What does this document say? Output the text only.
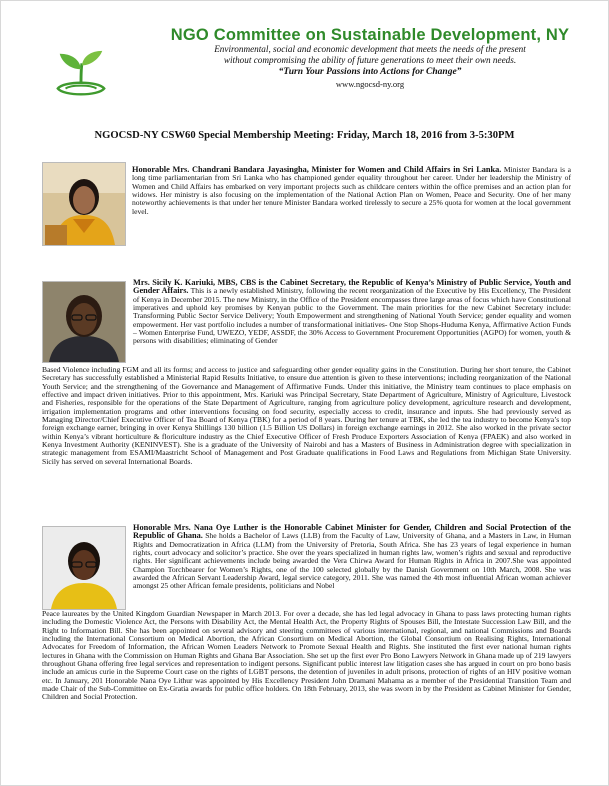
NGO Committee on Sustainable Development, NY
Environmental, social and economic development that meets the needs of the present
without compromising the ability of future generations to meet their own needs.
“Turn Your Passions into Actions for Change”
www.ngocsd-ny.org
NGOCSD-NY CSW60 Special Membership Meeting: Friday, March 18, 2016 from 3-5:30PM

Honorable Mrs. Chandrani Bandara Jayasingha, Minister for Women and Child Affairs in Sri Lanka. Minister Bandara is a long time parliamentarian from Sri Lanka who has championed gender equality throughout her career. Under her leadership the Ministry of Women and Child Affairs has embarked on very important projects such as childcare centers within the office premises and an action plan for widows. Her ministry is also focusing on the implementation of the National Action Plan on Women, Peace and Security. One of her many noteworthy achievements is that under her tenure Minister Bandara worked tirelessly to secure a 25% quota for women at the local government level.

Mrs. Sicily K. Kariuki, MBS, CBS is the Cabinet Secretary, the Republic of Kenya’s Ministry of Public Service, Youth and Gender Affairs. This is a newly established Ministry, following the recent reorganization of the Executive by His Excellency, The President of Kenya in December 2015. The new Ministry, in the Office of the President encompasses three large areas of focus which have Constitutional imperatives and uphold key promises by Kenyan public to the Government. The main priorities for the new Cabinet Secretary include: Transforming Public Sector Service Delivery; Youth Empowerment and strengthening of National Youth Service; gender equality and women empowerment. Her vast portfolio includes a number of transformational initiatives- One Stop Shops-Huduma Kenya, Affirmative Action Funds – Women Enterprise Fund, UWEZO, YEDF, ASSDF, the 30% Access to Government Procurement Opportunities (AGPO) for women, youth & persons with disabilities; eliminating of Gender

Based Violence including FGM and all its forms; and access to justice and safeguarding other gender equality gains in the Constitution. During her short tenure, the Cabinet Secretary has successfully established a Ministerial Rapid Results Initiative, to ensure due attention is given to these interventions; including reorganization of the National Youth Service; and the strengthening of the Governance and Management of Affirmative Funds. Under this initiative, the Ministry team continues to place emphasis on effective and impact driven initiatives. Prior to this appointment, Mrs. Kariuki was Principal Secretary, State Department of Agriculture, Ministry of Agriculture, Livestock and Fisheries, responsible for the operations of the State Department of Agriculture, ranging from agriculture policy development, agriculture research and development, irrigation implementation programs and other interventions focusing on food security, especially access to credit, insurance and inputs. She had previously served as Managing Director/Chief Executive Officer of Tea Board of Kenya (TBK) for a period of 8 years. During her tenure at TBK, she led the tea industry to become Kenya’s top foreign exchange earner, bringing in over Kenya Shillings 130 billion (1.5 Billion US Dollars) in foreign exchange earnings in 2012. She also worked in the private sector within Kenya’s vibrant horticulture & floriculture industry as the Chief Executive Officer of Fresh Produce Exporters Association of Kenya (FPAEK) and also worked in Kenya Investment Authority (KENINVEST). She is a graduate of the University of Nairobi and has a Masters of Business in Administration degree with specialization in strategic management from ESAMI/Maastricht School of Management and Post Graduate qualifications in Food Laws and Regulations from Michigan State University. Sicily has served on several International Boards.

Honorable Mrs. Nana Oye Luther is the Honorable Cabinet Minister for Gender, Children and Social Protection of the Republic of Ghana. She holds a Bachelor of Laws (LLB) from the Faculty of Law, University of Ghana, and a Masters in Law, in Human Rights and Democratization in Africa (LLM) from the University of Pretoria, South Africa. She has 23 years of legal experience in human rights, court advocacy and solicitor’s practice. She over the years specialized in human rights law, women’s rights and sexual and reproductive rights. Her significant achievements include being awarded the Vera Chirwa Award for Human Rights in Africa in 2007.She was appointed Champion Torchbearer for Women’s Rights, one of the 100 selected globally by the Danish Government on 10th March, 2008. She was awarded the African Servant Leadership Award, legal service category, 2011. She was named the 4th most influential African woman achiever amongst 25 other African female presidents, politicians and Nobel

Peace laureates by the United Kingdom Guardian Newspaper in March 2013. For over a decade, she has led legal advocacy in Ghana to pass laws protecting human rights including the Domestic Violence Act, the Persons with Disability Act, the Mental Health Act, the Property Rights of Spouses Bill, the Intestate Succession Law Bill, and the Right to Information Bill. She has been appointed on several advisory and steering committees of various international, regional, and national Commissions and Boards including the International Consortium on Medical Abortion, the African Consortium on Medical Abortion, the Global Consortium on Realising Rights, International Advocates for Freedom of Information, the African Women Leaders Network to Promote Sexual Health and Rights. She instituted the first ever national human rights lectures in Ghana with the Commission on Human Rights and Ghana Bar Association. She set up the first ever Pro Bono Lawyers Network in Ghana made up of 219 lawyers throughout Ghana offering free legal services and representation to indigent persons. Significant public interest law litigation cases she has argued in court on pro bono basis include an amicus curie in the Supreme Court case on the rights of LGBT persons, the detention of juveniles in adult prisons, protection of rights of an HIV positive woman etc. In January, 201 Honorable Nana Oye Lithur was appointed by His Excellency President John Dramani Mahama as a member of the Presidential Transition Team and made Chair of the Sub-Committee on Ex-Gratia awards for public office holders. On 18th February, 2013, she was sworn in by the President as Cabinet Minister for Gender, Children and Social Protection.
